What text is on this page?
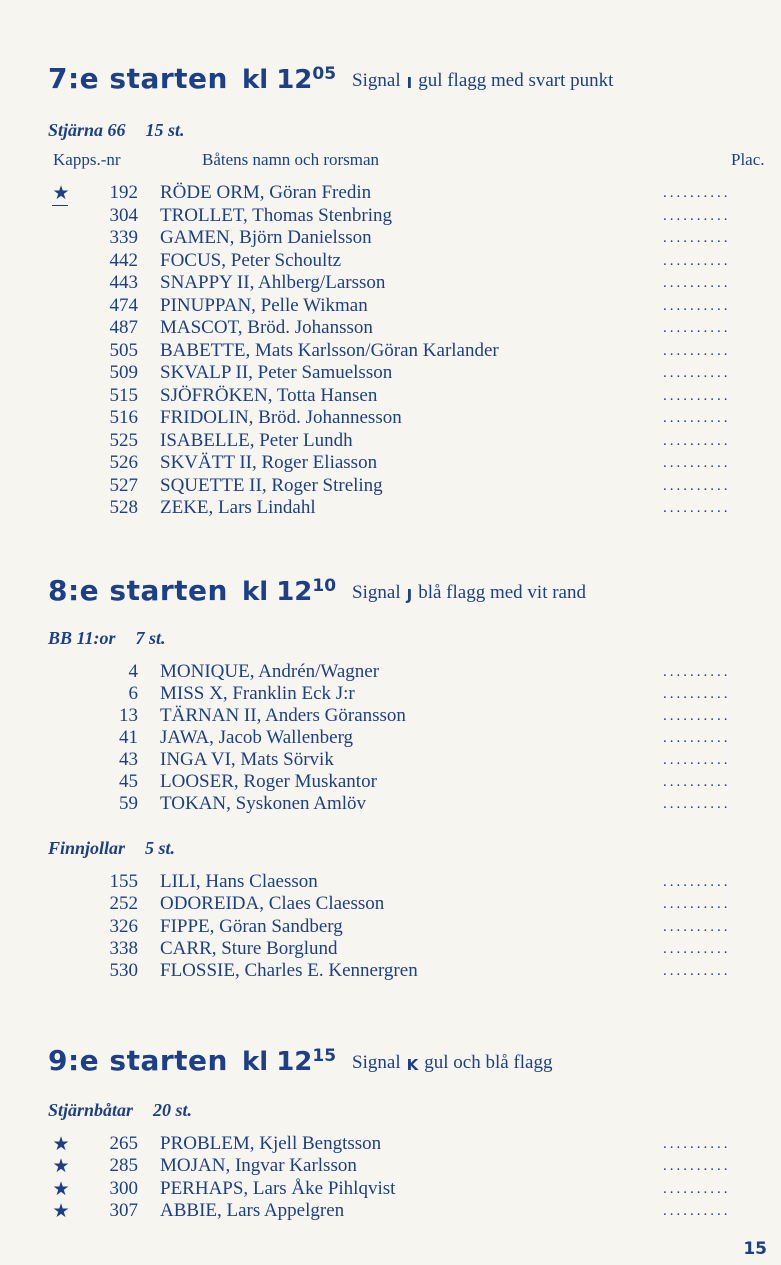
7:e starten kl $12^{05}$ Signal I gul flagg med svart punkt
Stjärna 66 15 st.
Kapps.-nr	Båtens namn och rorsman	Plac.
8:e starten kl $12^{10}$ Signal J blå flagg med vit rand
BB 11:or 7 st.
Finnjollar 5 st.
9:e starten kl $12^{15}$ Signal K gul och blå flagg
Stjärnbåtar 20 st.
15
★	192 RÖDE ORM, Göran Fredin	..........
304 TROLLET, Thomas Stenbring	..........
339 GAMEN, Björn Danielsson	..........
442 FOCUS, Peter Schoultz	..........
443 SNAPPY II, Ahlberg/Larsson	..........
474 PINUPPAN, Pelle Wikman	..........
487 MASCOT, Bröd. Johansson	..........
505 BABETTE, Mats Karlsson/Göran Karlander	..........
509 SKVALP II, Peter Samuelsson	..........
515 SJÖFRÖKEN, Totta Hansen	..........
516 FRIDOLIN, Bröd. Johannesson	..........
525 ISABELLE, Peter Lundh	..........
526 SKVÄTT II, Roger Eliasson	..........
527 SQUETTE II, Roger Streling	..........
528 ZEKE, Lars Lindahl	..........
4 MONIQUE, Andrén/Wagner	..........
6 MISS X, Franklin Eck J:r	..........
13 TÄRNAN II, Anders Göransson	..........
41 JAWA, Jacob Wallenberg	..........
43 INGA VI, Mats Sörvik	..........
45 LOOSER, Roger Muskantor	..........
59 TOKAN, Syskonen Amlöv	..........
155 LILI, Hans Claesson	..........
252 ODOREIDA, Claes Claesson	..........
326 FIPPE, Göran Sandberg	..........
338 CARR, Sture Borglund	..........
530 FLOSSIE, Charles E. Kennergren	..........
★	265 PROBLEM, Kjell Bengtsson	..........
★	285 MOJAN, Ingvar Karlsson	..........
★	300 PERHAPS, Lars Åke Pihlqvist	..........
★	307 ABBIE, Lars Appelgren	..........
